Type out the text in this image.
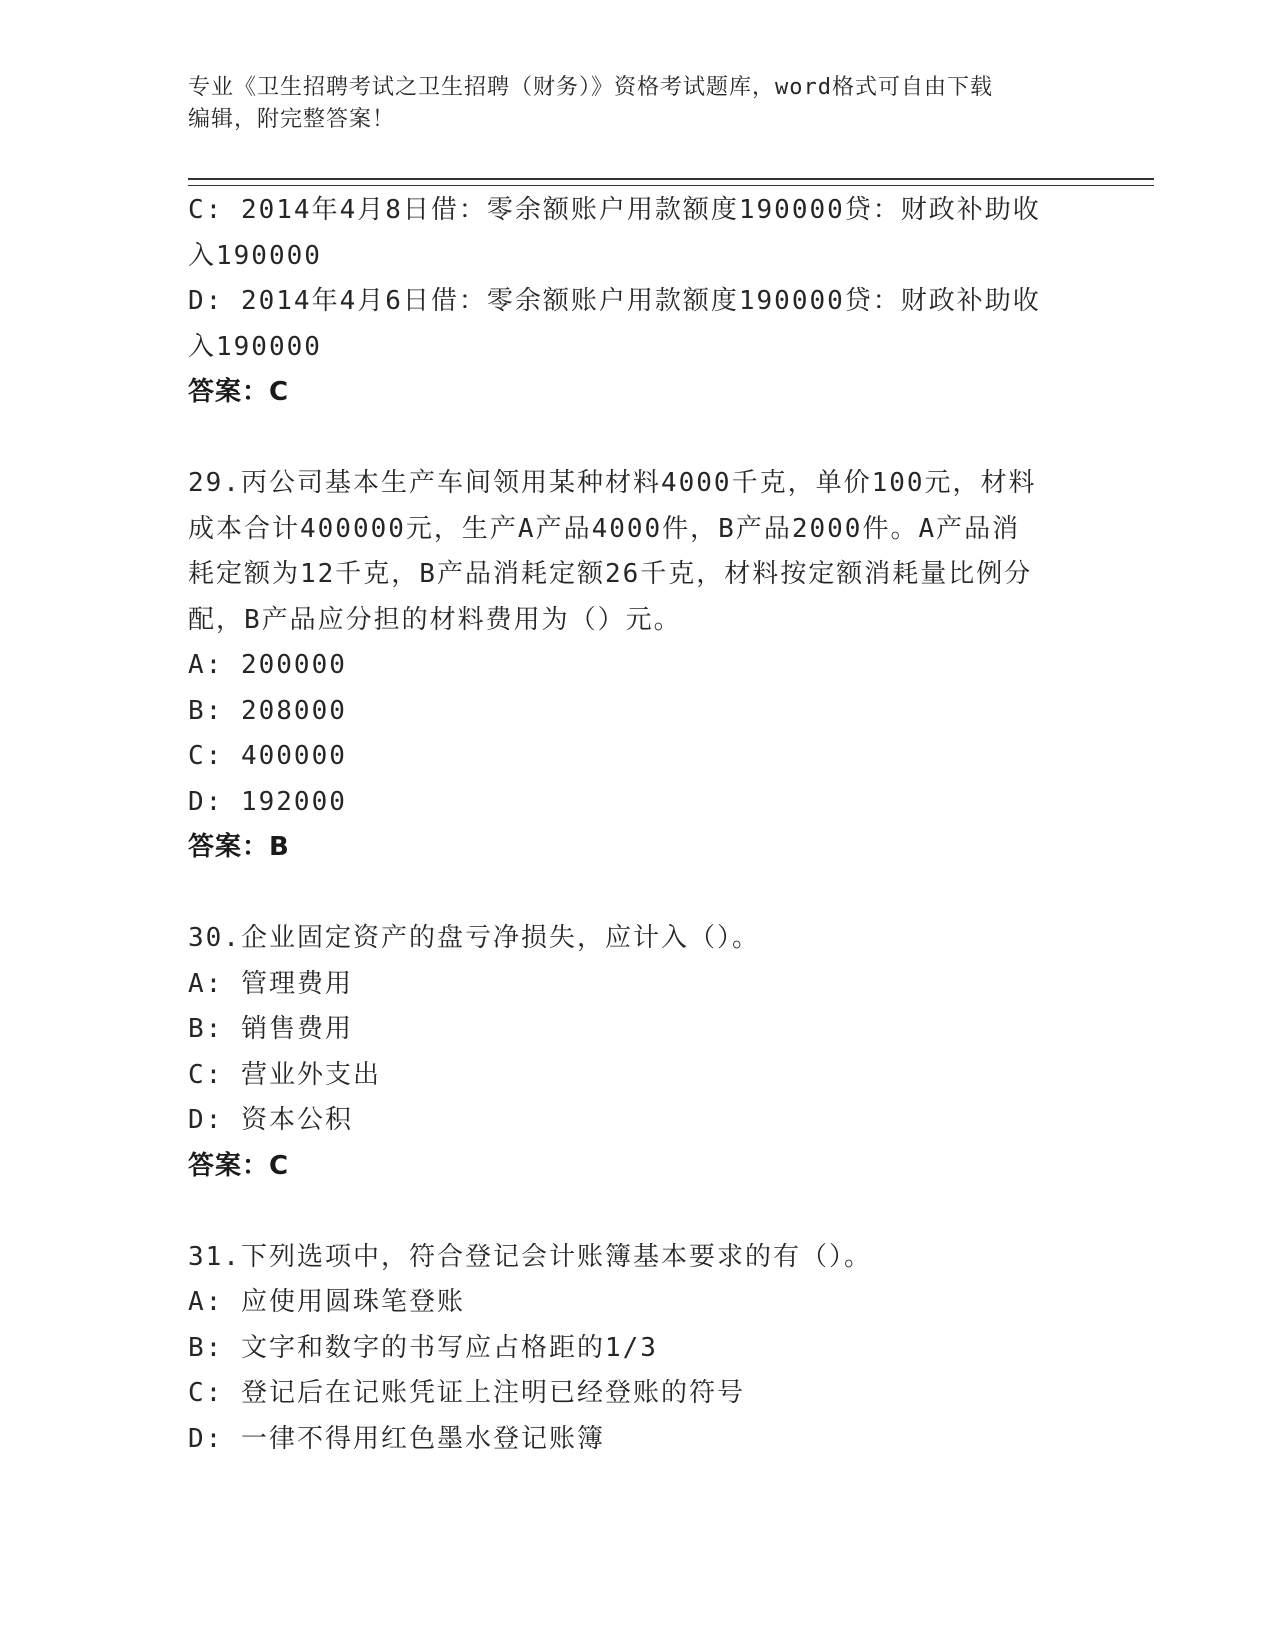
专业《卫生招聘考试之卫生招聘（财务）》资格考试题库，word格式可自由下载
编辑，附完整答案！
C: 2014年4月8日借：零余额账户用款额度190000贷：财政补助收
入190000
D: 2014年4月6日借：零余额账户用款额度190000贷：财政补助收
入190000
答案：C
29.丙公司基本生产车间领用某种材料4000千克，单价100元，材料
成本合计400000元，生产A产品4000件，B产品2000件。A产品消
耗定额为12千克，B产品消耗定额26千克，材料按定额消耗量比例分
配，B产品应分担的材料费用为（）元。
A: 200000
B: 208000
C: 400000
D: 192000
答案：B
30.企业固定资产的盘亏净损失，应计入（）。
A: 管理费用
B: 销售费用
C: 营业外支出
D: 资本公积
答案：C
31.下列选项中，符合登记会计账簿基本要求的有（）。
A: 应使用圆珠笔登账
B: 文字和数字的书写应占格距的1/3
C: 登记后在记账凭证上注明已经登账的符号
D: 一律不得用红色墨水登记账簿
